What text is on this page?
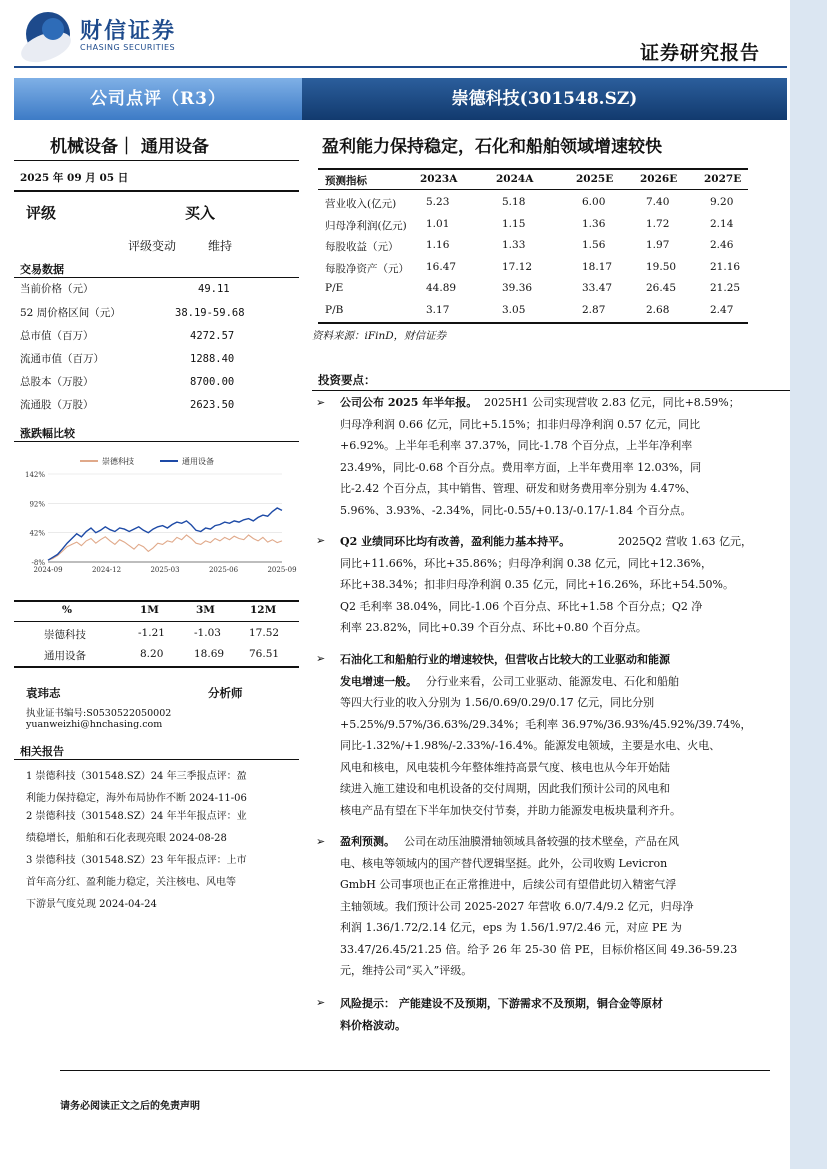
财信证券
CHASING SECURITIES	证券研究报告
公司点评（R3）	崇德科技(301548.SZ)
机械设备｜ 通用设备	盈利能力保持稳定，石化和船舶领域增速较快
2025 年 09 月 05 日
评级	买入
评级变动	维持
交易数据
当前价格（元）	49.11
52 周价格区间（元）	38.19-59.68
总市值（百万）	4272.57
流通市值（百万）	1288.40
总股本（万股）	8700.00
流通股（万股）	2623.50
涨跌幅比较
142%
92%
42%
-8%
2024-09	2024-12	2025-03	2025-06	2025-09
崇德科技	通用设备
%	1M	3M	12M
崇德科技	-1.21	-1.03	17.52
通用设备	8.20	18.69 76.51
袁玮志	分析师
执业证书编号:S0530522050002
yuanweizhi@hnchasing.com
相关报告
1 崇德科技（301548.SZ）24 年三季报点评：盈
利能力保持稳定，海外布局协作不断 2024-11-06
2 崇德科技（301548.SZ）24 年半年报点评：业
绩稳增长，船舶和石化表现亮眼 2024-08-28
3 崇德科技（301548.SZ）23 年年报点评：上市
首年高分红、盈利能力稳定，关注核电、风电等
下游景气度兑现 2024-04-24
预测指标	2023A	2024A	2025E	2026E	2027E
营业收入(亿元)	5.23	5.18	6.00	7.40	9.20
归母净利润(亿元) 1.01	1.15	1.36	1.72	2.14
每股收益（元）	1.16	1.33	1.56	1.97	2.46
每股净资产（元） 16.47	17.12	18.17	19.50	21.16
P/E	44.89	39.36	33.47	26.45	21.25
P/B	3.17	3.05	2.87	2.68	2.47
资料来源：iFinD，财信证券
投资要点：
➢
➢
➢
➢
➢
公司公布 2025 年半年报。 2025H1 公司实现营收 2.83 亿元，同比+8.59%；
归母净利润 0.66 亿元，同比+5.15%；扣非归母净利润 0.57 亿元，同比
+6.92%。上半年毛利率 37.37%，同比-1.78 个百分点，上半年净利率
23.49%，同比-0.68 个百分点。费用率方面，上半年费用率 12.03%，同
比-2.42 个百分点，其中销售、管理、研发和财务费用率分别为 4.47%、
5.96%、3.93%、-2.34%，同比-0.55/+0.13/-0.17/-1.84 个百分点。
Q2 业绩同环比均有改善，盈利能力基本持平。	2025Q2 营收 1.63 亿元，
同比+11.66%，环比+35.86%；归母净利润 0.38 亿元，同比+12.36%，
环比+38.34%；扣非归母净利润 0.35 亿元，同比+16.26%，环比+54.50%。
Q2 毛利率 38.04%，同比-1.06 个百分点、环比+1.58 个百分点；Q2 净
利率 23.82%，同比+0.39 个百分点、环比+0.80 个百分点。
石油化工和船舶行业的增速较快，但营收占比较大的工业驱动和能源
发电增速一般。 分行业来看，公司工业驱动、能源发电、石化和船舶
等四大行业的收入分别为 1.56/0.69/0.29/0.17 亿元，同比分别
+5.25%/9.57%/36.63%/29.34%；毛利率 36.97%/36.93%/45.92%/39.74%，
同比-1.32%/+1.98%/-2.33%/-16.4%。能源发电领域，主要是水电、火电、
风电和核电，风电装机今年整体维持高景气度、核电也从今年开始陆
续进入施工建设和电机设备的交付周期，因此我们预计公司的风电和
核电产品有望在下半年加快交付节奏，并助力能源发电板块量利齐升。
盈利预测。 公司在动压油膜滑轴领域具备较强的技术壁垒，产品在风
电、核电等领域内的国产替代逻辑坚挺。此外，公司收购 Levicron
GmbH 公司事项也正在正常推进中，后续公司有望借此切入精密气浮
主轴领域。我们预计公司 2025-2027 年营收 6.0/7.4/9.2 亿元，归母净
利润 1.36/1.72/2.14 亿元，eps 为 1.56/1.97/2.46 元，对应 PE 为
33.47/26.45/21.25 倍。给予 26 年 25-30 倍 PE，目标价格区间 49.36-59.23
元，维持公司“买入”评级。
风险提示： 产能建设不及预期，下游需求不及预期，铜合金等原材
料价格波动。
请务必阅读正文之后的免责声明
